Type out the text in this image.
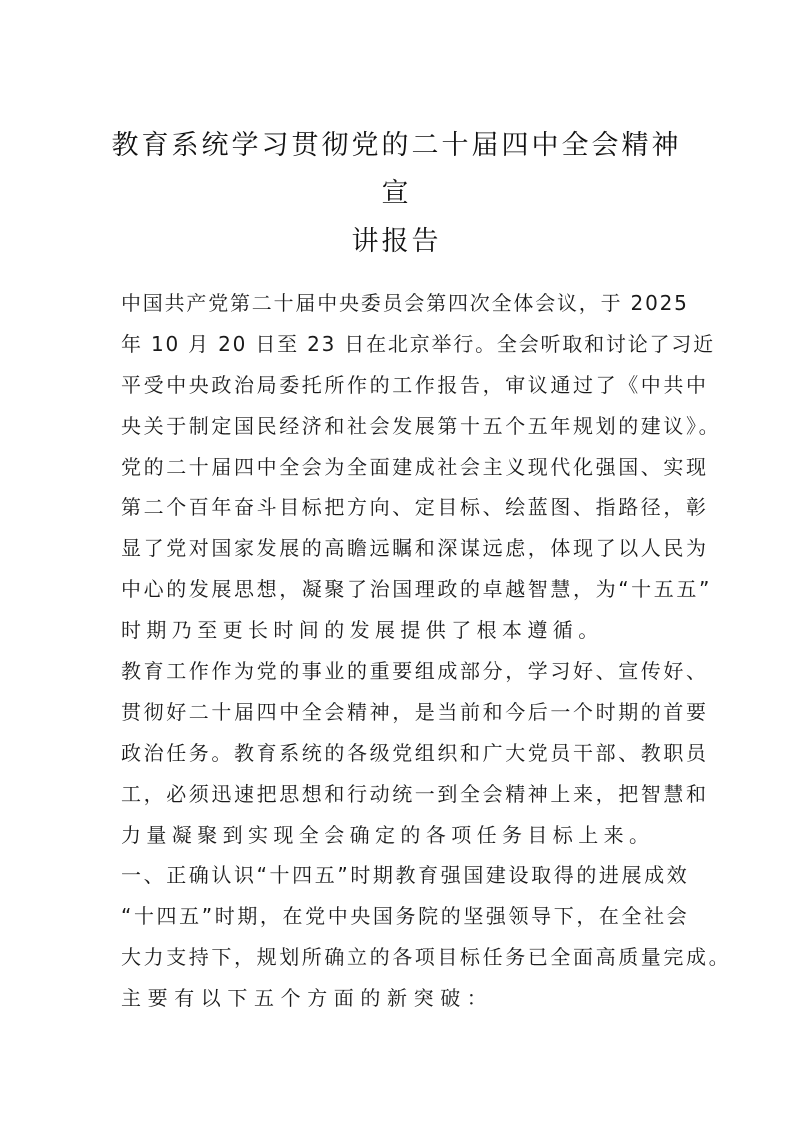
教育系统学习贯彻党的二十届四中全会精神宣
讲报告
中国共产党第二十届中央委员会第四次全体会议，于 2025
年 10 月 20 日至 23 日在北京举行。全会听取和讨论了习近
平受中央政治局委托所作的工作报告，审议通过了《中共中
央关于制定国民经济和社会发展第十五个五年规划的建议》。
党的二十届四中全会为全面建成社会主义现代化强国、实现
第二个百年奋斗目标把方向、定目标、绘蓝图、指路径，彰
显了党对国家发展的高瞻远瞩和深谋远虑，体现了以人民为
中心的发展思想，凝聚了治国理政的卓越智慧，为“十五五”
时期乃至更长时间的发展提供了根本遵循。
教育工作作为党的事业的重要组成部分，学习好、宣传好、
贯彻好二十届四中全会精神，是当前和今后一个时期的首要
政治任务。教育系统的各级党组织和广大党员干部、教职员
工，必须迅速把思想和行动统一到全会精神上来，把智慧和
力量凝聚到实现全会确定的各项任务目标上来。
一、正确认识“十四五”时期教育强国建设取得的进展成效
“十四五”时期，在党中央国务院的坚强领导下，在全社会
大力支持下，规划所确立的各项目标任务已全面高质量完成。
主要有以下五个方面的新突破：
